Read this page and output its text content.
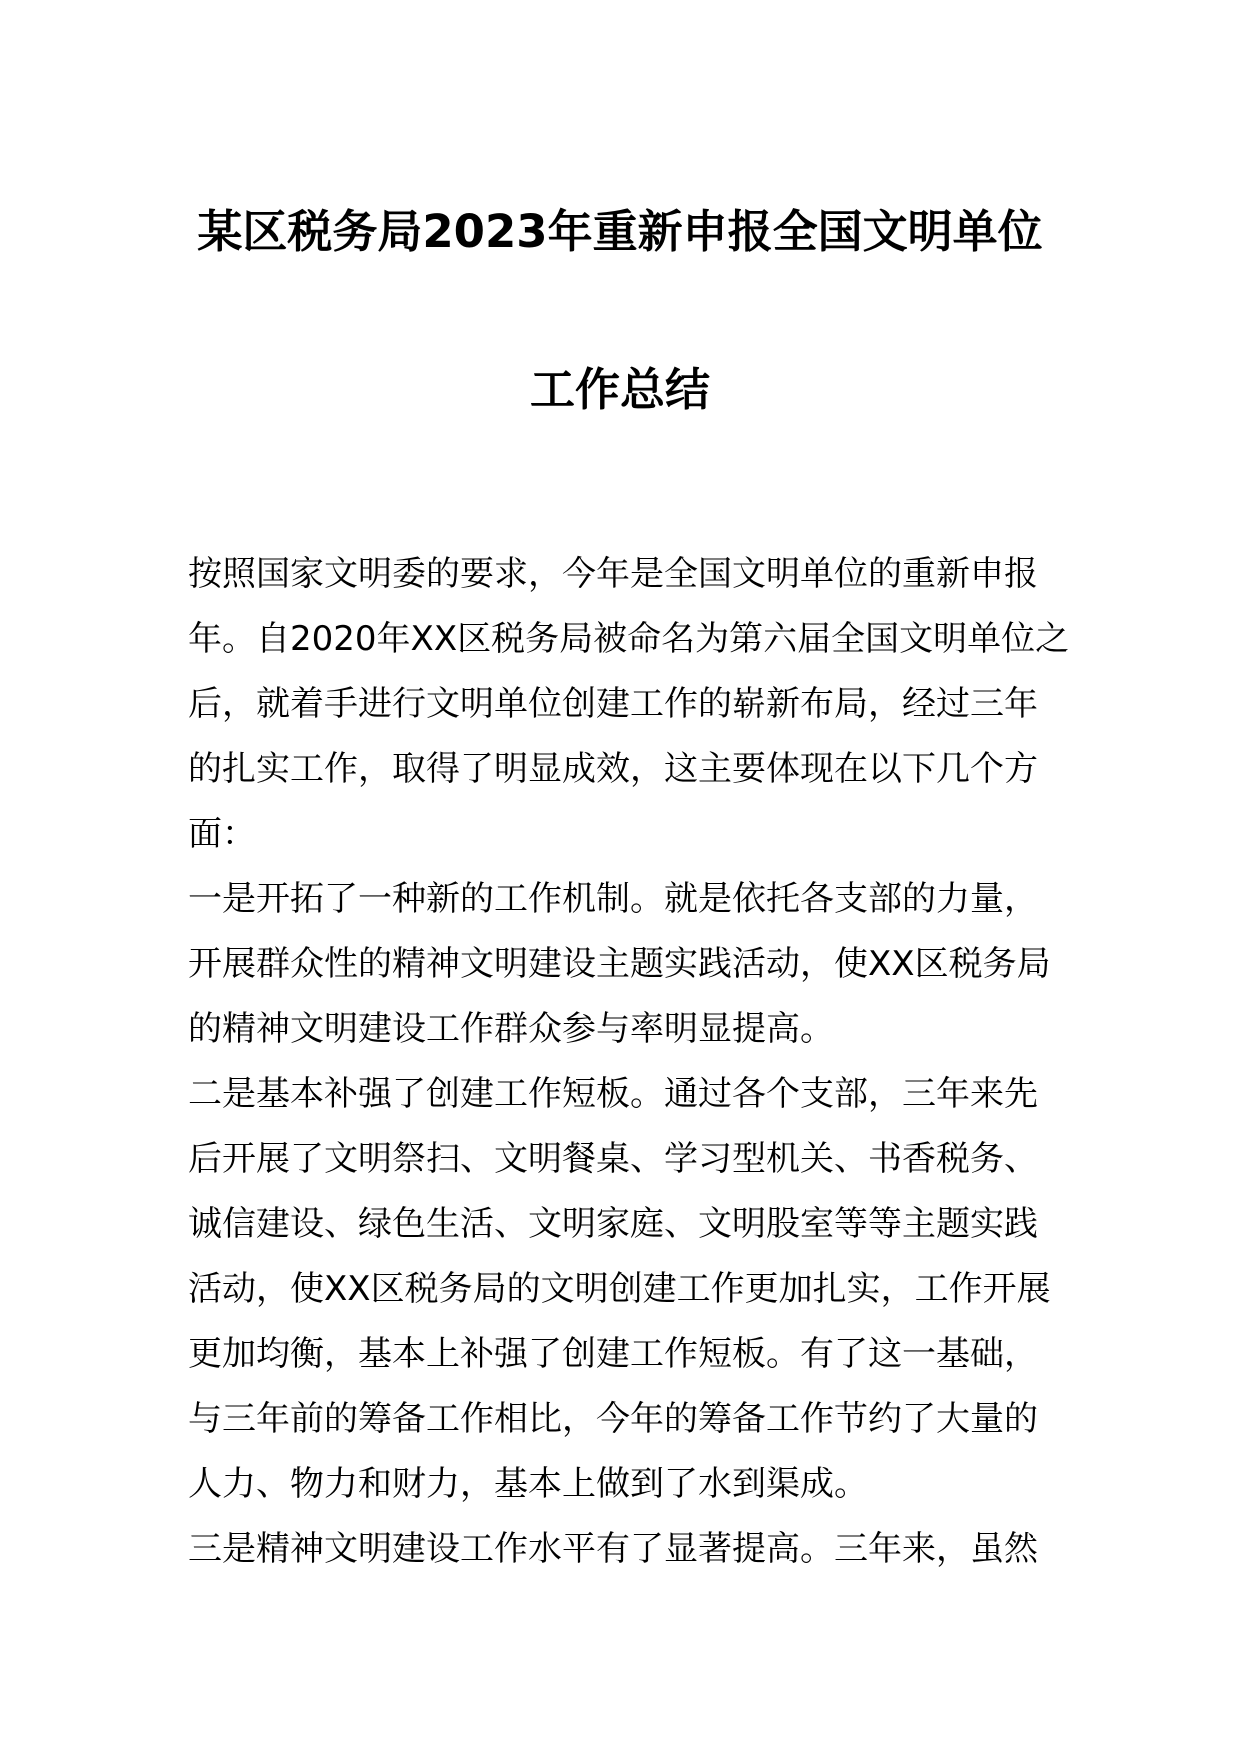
某区税务局2023年重新申报全国文明单位
工作总结
按照国家文明委的要求，今年是全国文明单位的重新申报
年。自2020年XX区税务局被命名为第六届全国文明单位之
后，就着手进行文明单位创建工作的崭新布局，经过三年
的扎实工作，取得了明显成效，这主要体现在以下几个方
面：
一是开拓了一种新的工作机制。就是依托各支部的力量，
开展群众性的精神文明建设主题实践活动，使XX区税务局
的精神文明建设工作群众参与率明显提高。
二是基本补强了创建工作短板。通过各个支部，三年来先
后开展了文明祭扫、文明餐桌、学习型机关、书香税务、
诚信建设、绿色生活、文明家庭、文明股室等等主题实践
活动，使XX区税务局的文明创建工作更加扎实，工作开展
更加均衡，基本上补强了创建工作短板。有了这一基础，
与三年前的筹备工作相比，今年的筹备工作节约了大量的
人力、物力和财力，基本上做到了水到渠成。
三是精神文明建设工作水平有了显著提高。三年来，虽然
